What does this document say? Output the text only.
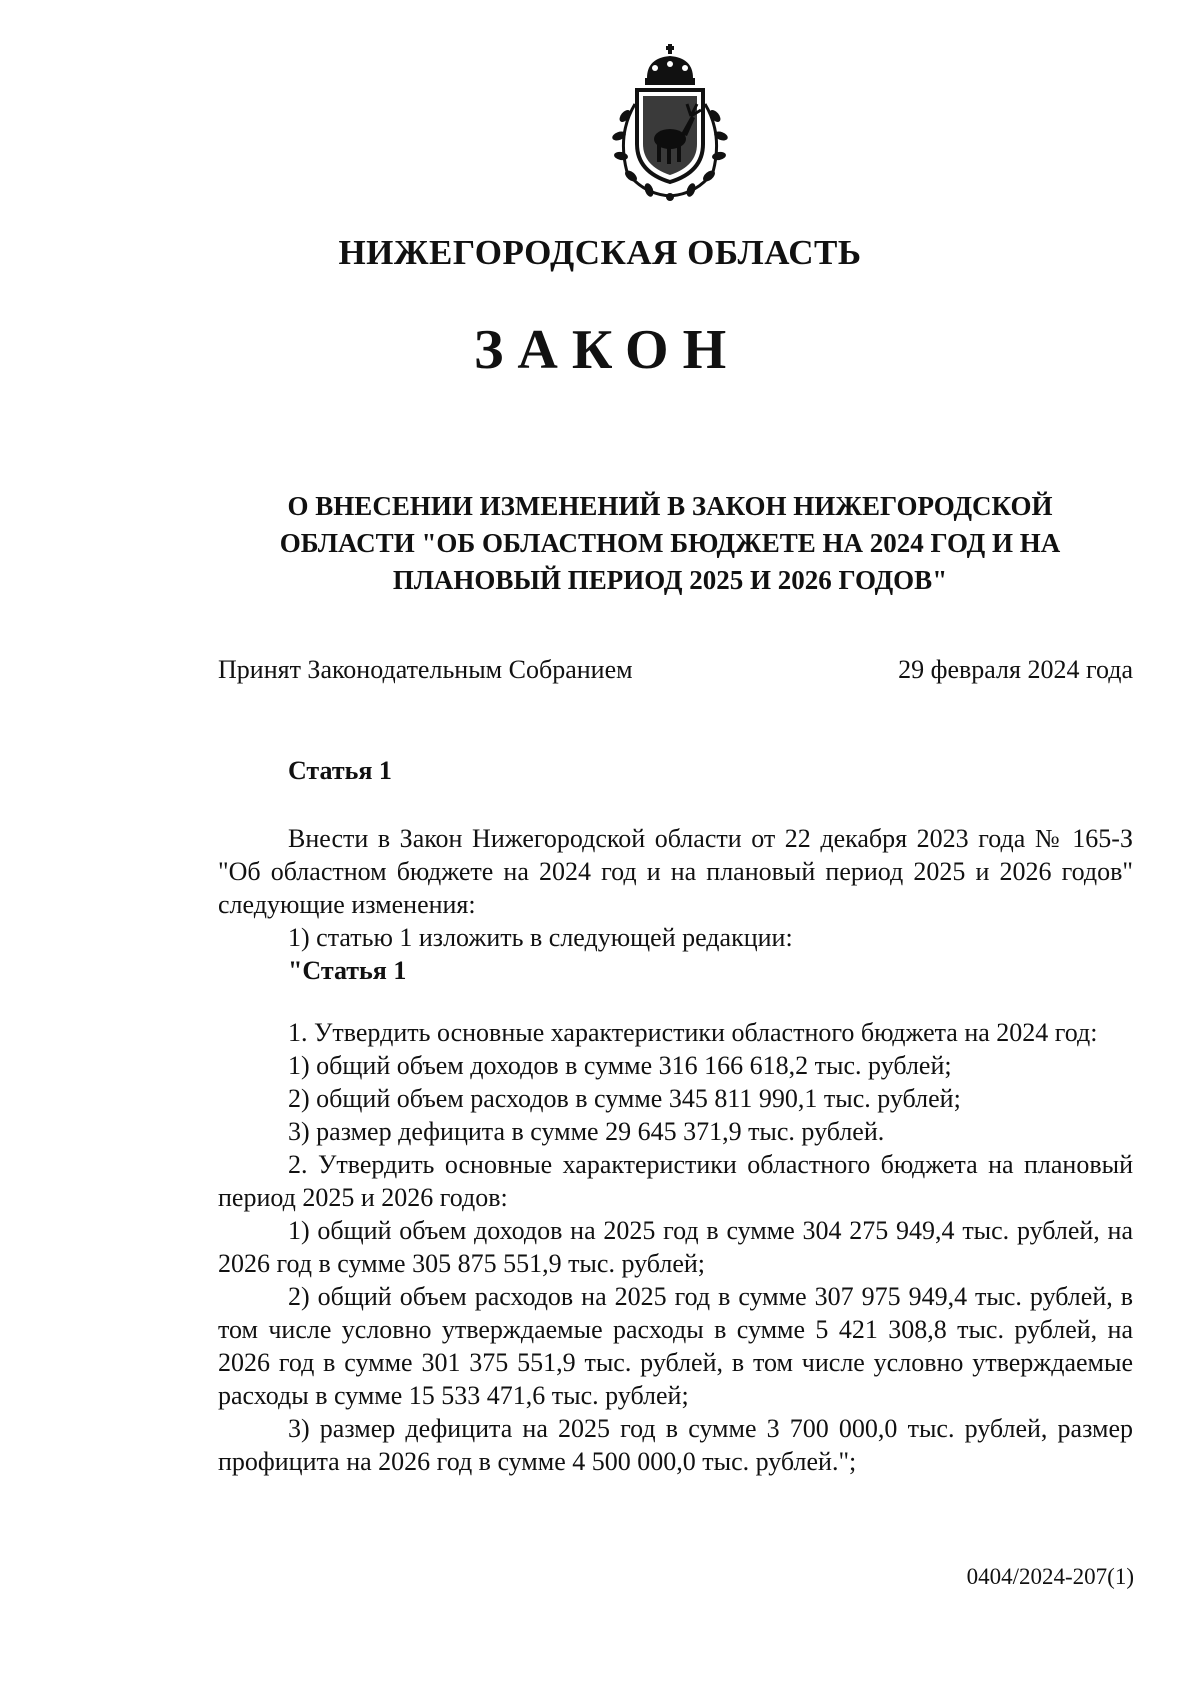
НИЖЕГОРОДСКАЯ ОБЛАСТЬ
ЗАКОН
О ВНЕСЕНИИ ИЗМЕНЕНИЙ В ЗАКОН НИЖЕГОРОДСКОЙ
ОБЛАСТИ "ОБ ОБЛАСТНОМ БЮДЖЕТЕ НА 2024 ГОД И НА
ПЛАНОВЫЙ ПЕРИОД 2025 И 2026 ГОДОВ"
Принят Законодательным Собранием	29 февраля 2024 года
Статья 1

Внести в Закон Нижегородской области от 22 декабря 2023 года № 165-З "Об областном бюджете на 2024 год и на плановый период 2025 и 2026 годов" следующие изменения:

1) статью 1 изложить в следующей редакции:

"Статья 1

1. Утвердить основные характеристики областного бюджета на 2024 год:

1) общий объем доходов в сумме 316 166 618,2 тыс. рублей;

2) общий объем расходов в сумме 345 811 990,1 тыс. рублей;

3) размер дефицита в сумме 29 645 371,9 тыс. рублей.

2. Утвердить основные характеристики областного бюджета на плановый период 2025 и 2026 годов:

1) общий объем доходов на 2025 год в сумме 304 275 949,4 тыс. рублей, на 2026 год в сумме 305 875 551,9 тыс. рублей;

2) общий объем расходов на 2025 год в сумме 307 975 949,4 тыс. рублей, в том числе условно утверждаемые расходы в сумме 5 421 308,8 тыс. рублей, на 2026 год в сумме 301 375 551,9 тыс. рублей, в том числе условно утверждаемые расходы в сумме 15 533 471,6 тыс. рублей;

3) размер дефицита на 2025 год в сумме 3 700 000,0 тыс. рублей, размер профицита на 2026 год в сумме 4 500 000,0 тыс. рублей.";

0404/2024-207(1)
